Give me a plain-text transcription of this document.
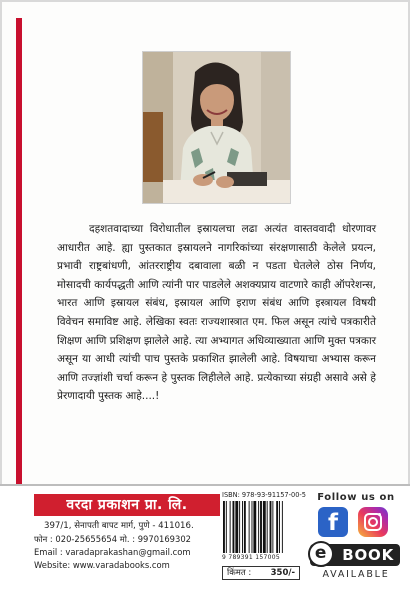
दहशतवादाच्या विरोधातील इस्रायलचा लढा अत्यंत वास्तववादी धोरणावर आधारीत आहे. ह्या पुस्तकात इस्रायलने नागरिकांच्या संरक्षणासाठी केलेले प्रयत्न, प्रभावी राष्ट्रबांधणी, आंतरराष्ट्रीय दबावाला बळी न पडता घेतलेले ठोस निर्णय, मोसादची कार्यपद्धती आणि त्यांनी पार पाडलेले अशक्यप्राय वाटणारे काही ऑपरेशन्स, भारत आणि इस्रायल संबंध, इस्रायल आणि इराण संबंध आणि इस्त्रायल विषयी विवेचन समाविष्ट आहे. लेखिका स्वतः राज्यशास्त्रात एम. फिल असून त्यांचे पत्रकारीते शिक्षण आणि प्रशिक्षण झालेले आहे. त्या अभ्यागत अधिव्याख्याता आणि मुक्त पत्रकार असून या आधी त्यांची पाच पुस्तके प्रकाशित झालेली आहे. विषयाचा अभ्यास करून आणि तज्ज्ञांशी चर्चा करून हे पुस्तक लिहीलेले आहे. प्रत्येकाच्या संग्रही असावे असे हे प्रेरणादायी पुस्तक आहे....!

वरदा प्रकाशन प्रा. लि.
397/1, सेनापती बापट मार्ग, पुणे - 411016.
फोन : 020-25655654 मो. : 9970169302
Email : varadaprakashan@gmail.com
Website: www.varadabooks.com
ISBN: 978-93-91157-00-5
9 789391 157005
किंमत : 350/-
Follow us on
f
e	BOOK
AVAILABLE
